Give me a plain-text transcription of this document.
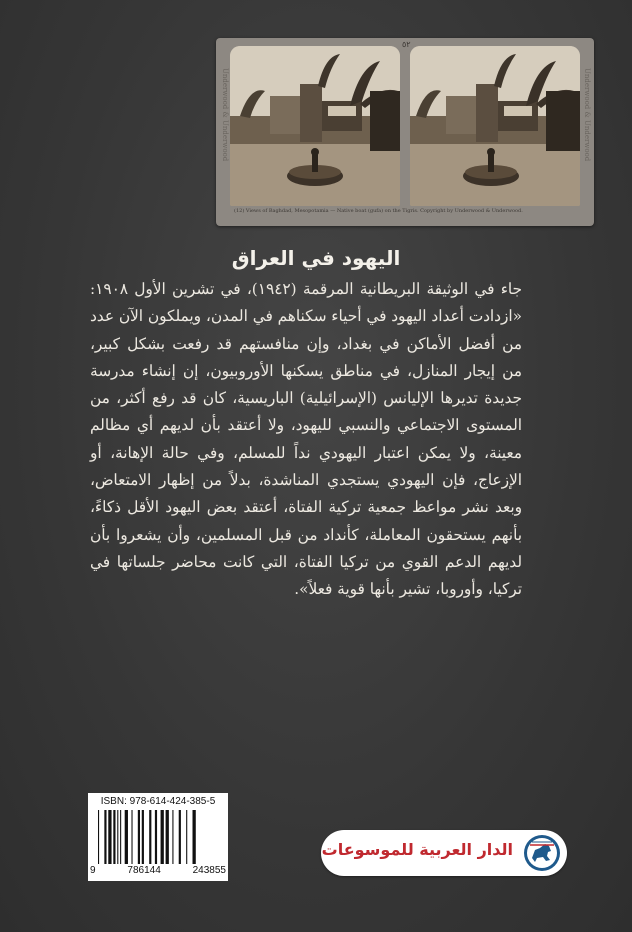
٥٢
Underwood & Underwood	Underwood & Underwood
(12) Views of Baghdad, Mesopotamia — Native boat (gufa) on the Tigris. Copyright by Underwood & Underwood.
اليهود في العراق

جاء في الوثيقة البريطانية المرقمة (١٩٤٢)، في تشرين الأول ١٩٠٨: «ازدادت أعداد اليهود في أحياء سكناهم في المدن، ويملكون الآن عدد من أفضل الأماكن في بغداد، وإن منافستهم قد رفعت بشكل كبير، من إيجار المنازل، في مناطق يسكنها الأوروبيون، إن إنشاء مدرسة جديدة تديرها الإليانس (الإسرائيلية) الباريسية، كان قد رفع أكثر، من المستوى الاجتماعي والنسبي لليهود، ولا أعتقد بأن لديهم أي مظالم معينة، ولا يمكن اعتبار اليهودي نداً للمسلم، وفي حالة الإهانة، أو الإزعاج، فإن اليهودي يستجدي المناشدة، بدلاً من إظهار الامتعاض، وبعد نشر مواعظ جمعية تركية الفتاة، أعتقد بعض اليهود الأقل ذكاءً، بأنهم يستحقون المعاملة، كأنداد من قبل المسلمين، وأن يشعروا بأن لديهم الدعم القوي من تركيا الفتاة، التي كانت محاضر جلساتها في تركيا، وأوروبا، تشير بأنها قوية فعلاً».

ISBN: 978-614-424-385-5
9	786144	243855
الدار العربية للموسوعات
